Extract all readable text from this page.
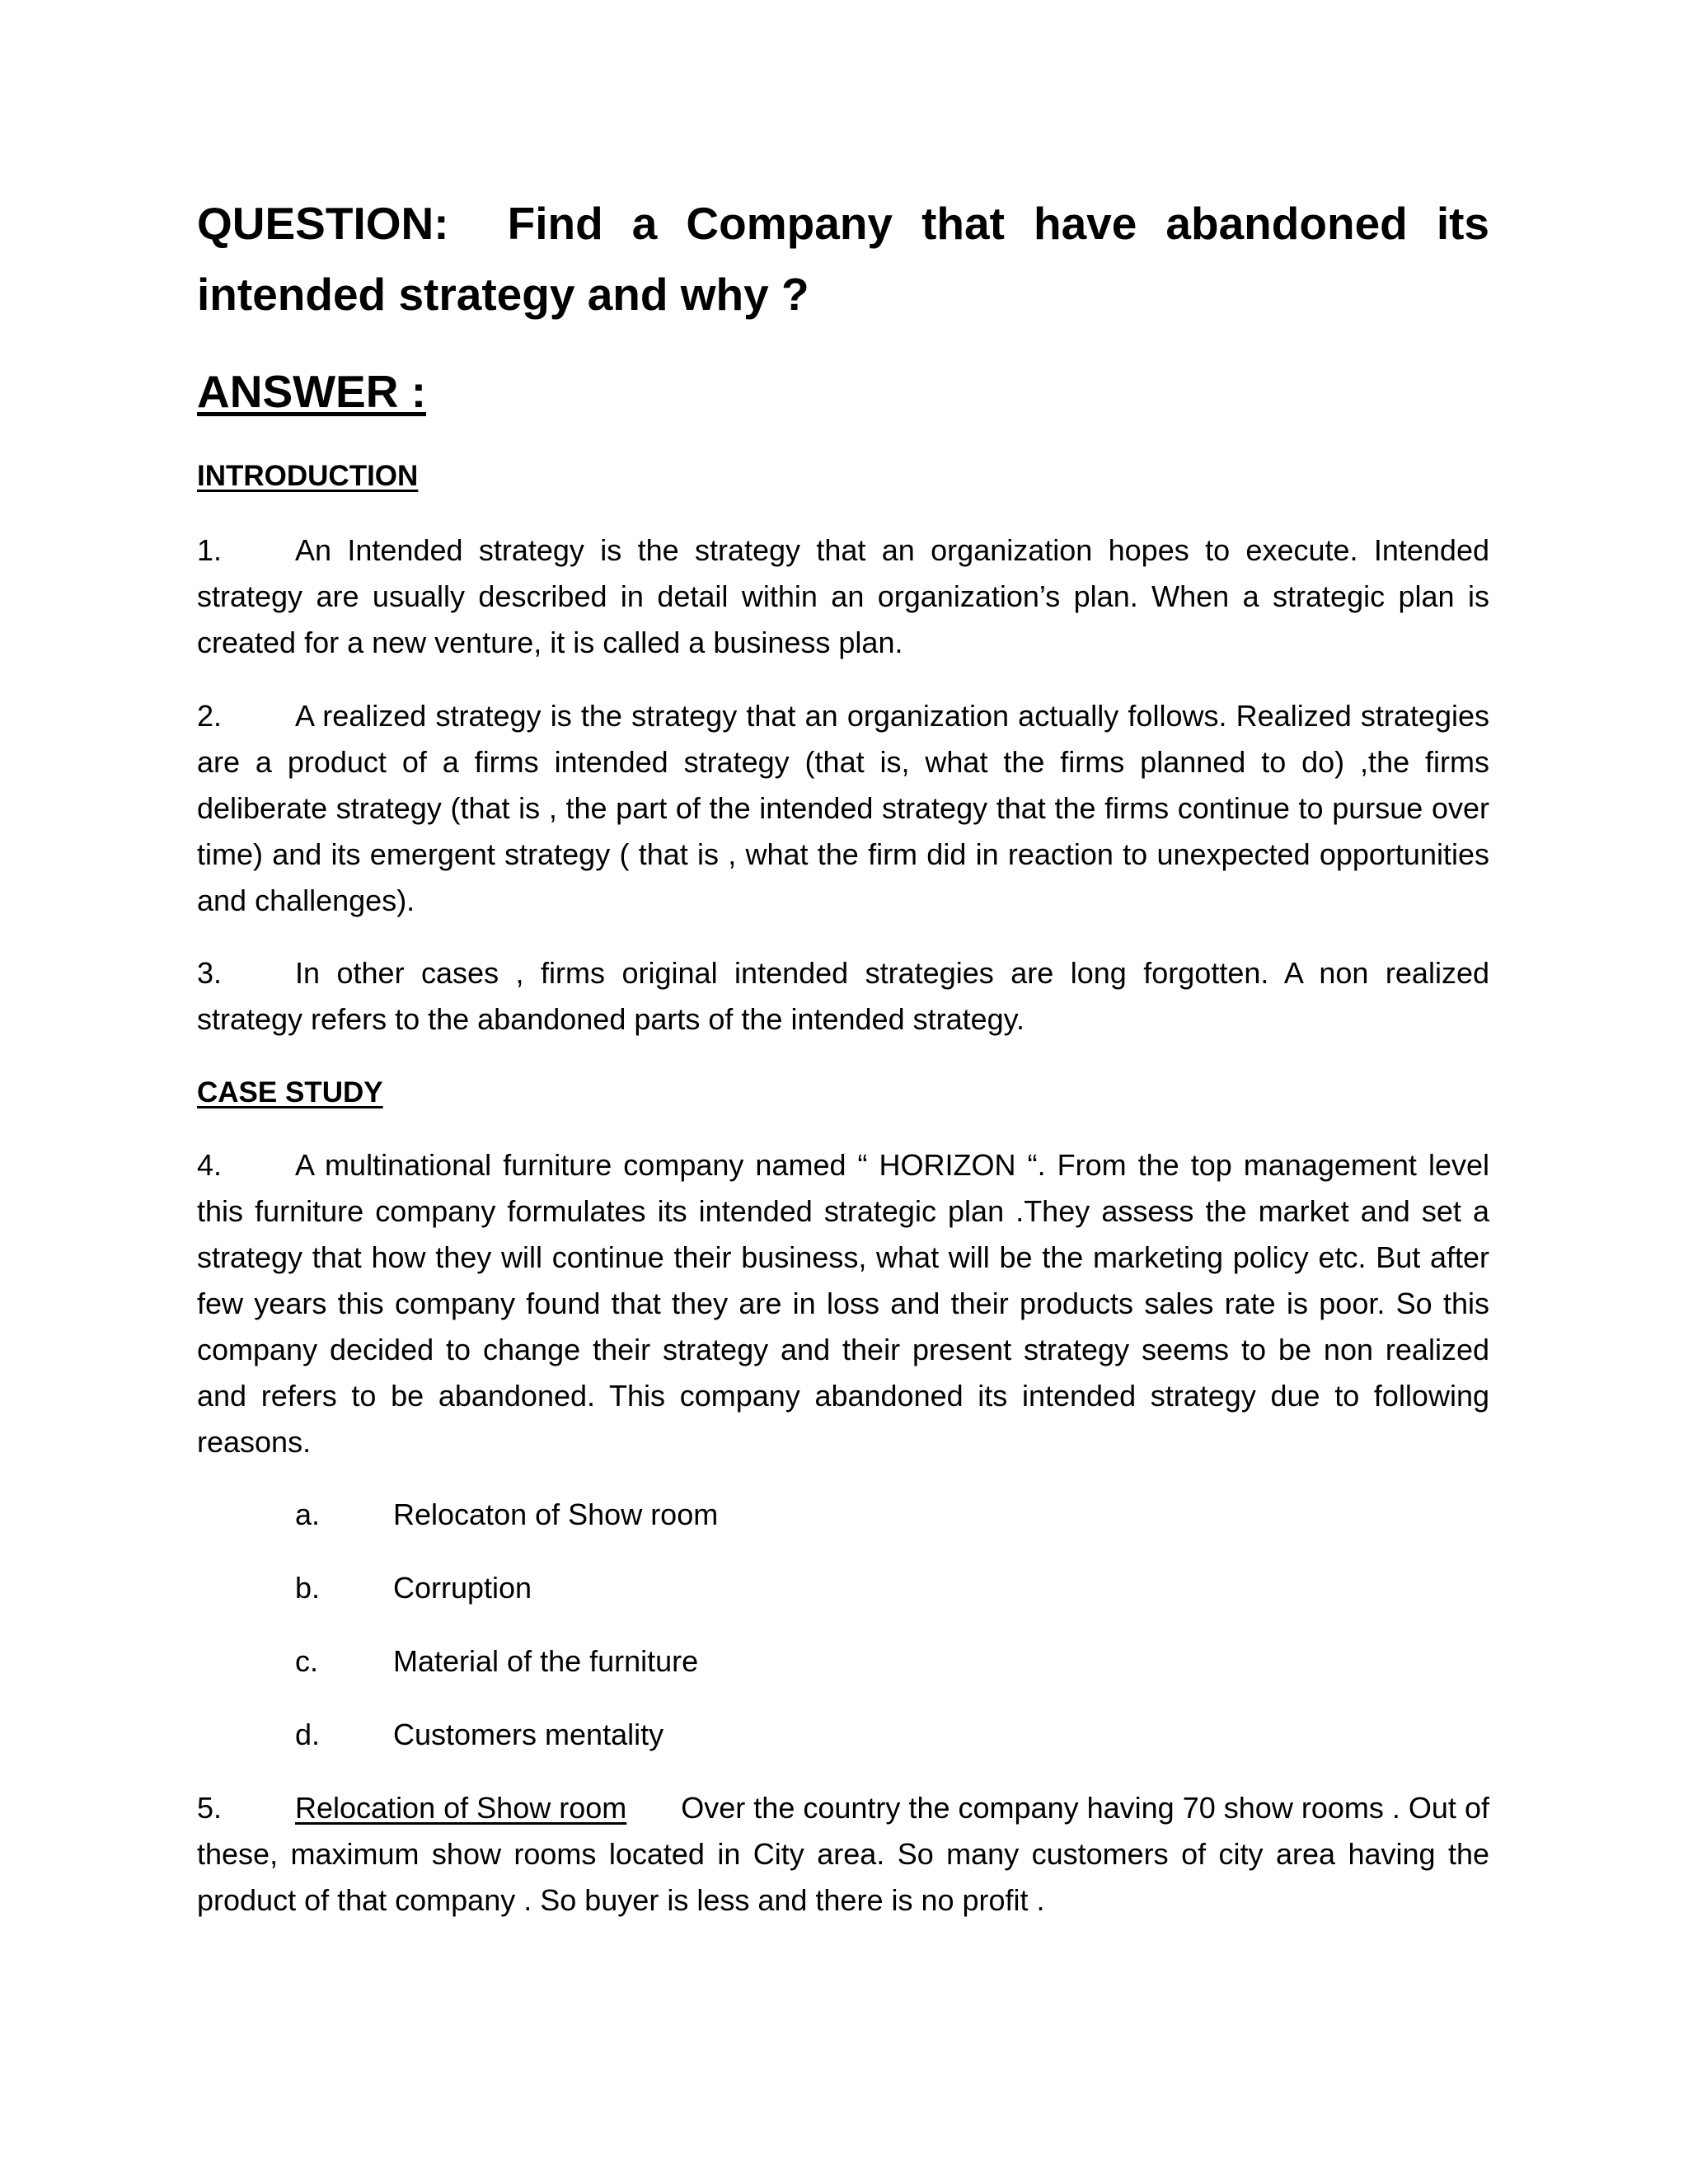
QUESTION: Find a Company that have abandoned its intended strategy and why ?

ANSWER :

INTRODUCTION

1. An Intended strategy is the strategy that an organization hopes to execute. Intended strategy are usually described in detail within an organization’s plan. When a strategic plan is created for a new venture, it is called a business plan.

2. A realized strategy is the strategy that an organization actually follows. Realized strategies are a product of a firms intended strategy (that is, what the firms planned to do) ,the firms deliberate strategy (that is , the part of the intended strategy that the firms continue to pursue over time) and its emergent strategy ( that is , what the firm did in reaction to unexpected opportunities and challenges).

3. In other cases , firms original intended strategies are long forgotten. A non realized strategy refers to the abandoned parts of the intended strategy.

CASE STUDY

4. A multinational furniture company named “ HORIZON “. From the top management level this furniture company formulates its intended strategic plan .They assess the market and set a strategy that how they will continue their business, what will be the marketing policy etc. But after few years this company found that they are in loss and their products sales rate is poor. So this company decided to change their strategy and their present strategy seems to be non realized and refers to be abandoned. This company abandoned its intended strategy due to following reasons.

a. Relocaton of Show room

b. Corruption

c.	Material of the furniture

d. Customers mentality

5. Relocation of Show room Over the country the company having 70 show rooms . Out of these, maximum show rooms located in City area. So many customers of city area having the product of that company . So buyer is less and there is no profit .
